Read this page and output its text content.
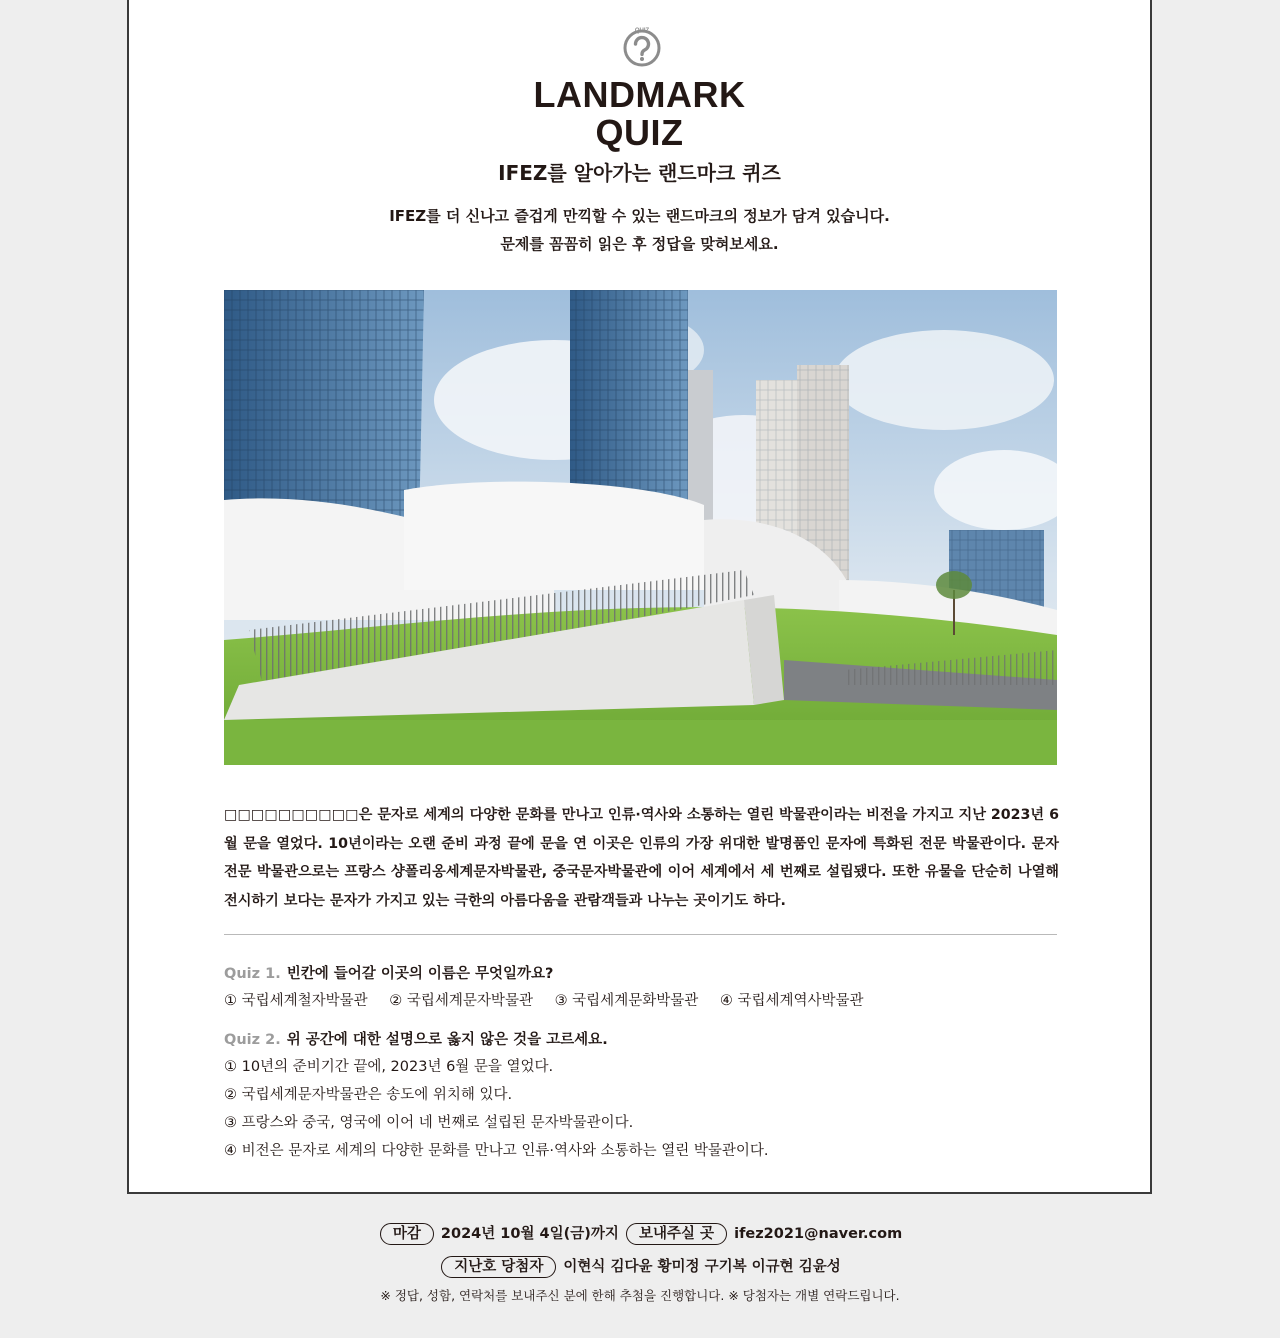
QUIZ
LANDMARK
QUIZ
IFEZ를 알아가는 랜드마크 퀴즈
IFEZ를 더 신나고 즐겁게 만끽할 수 있는 랜드마크의 정보가 담겨 있습니다.
문제를 꼼꼼히 읽은 후 정답을 맞혀보세요.

□□□□□□□□□□은 문자로 세계의 다양한 문화를 만나고 인류·역사와 소통하는 열린 박물관이라는 비전을 가지고 지난 2023년 6월 문을 열었다. 10년이라는 오랜 준비 과정 끝에 문을 연 이곳은 인류의 가장 위대한 발명품인 문자에 특화된 전문 박물관이다. 문자 전문 박물관으로는 프랑스 샹폴리옹세계문자박물관, 중국문자박물관에 이어 세계에서 세 번째로 설립됐다. 또한 유물을 단순히 나열해 전시하기 보다는 문자가 가지고 있는 극한의 아름다움을 관람객들과 나누는 곳이기도 하다.

Quiz 1. 빈칸에 들어갈 이곳의 이름은 무엇일까요?
① 국립세계철자박물관 ② 국립세계문자박물관 ③ 국립세계문화박물관 ④ 국립세계역사박물관
Quiz 2. 위 공간에 대한 설명으로 옳지 않은 것을 고르세요.
① 10년의 준비기간 끝에, 2023년 6월 문을 열었다.
② 국립세계문자박물관은 송도에 위치해 있다.
③ 프랑스와 중국, 영국에 이어 네 번째로 설립된 문자박물관이다.
④ 비전은 문자로 세계의 다양한 문화를 만나고 인류·역사와 소통하는 열린 박물관이다.
마감 2024년 10월 4일(금)까지 보내주실 곳 ifez2021@naver.com
지난호 당첨자 이현식 김다윤 황미정 구기복 이규현 김윤성
※ 정답, 성함, 연락처를 보내주신 분에 한해 추첨을 진행합니다. ※ 당첨자는 개별 연락드립니다.
